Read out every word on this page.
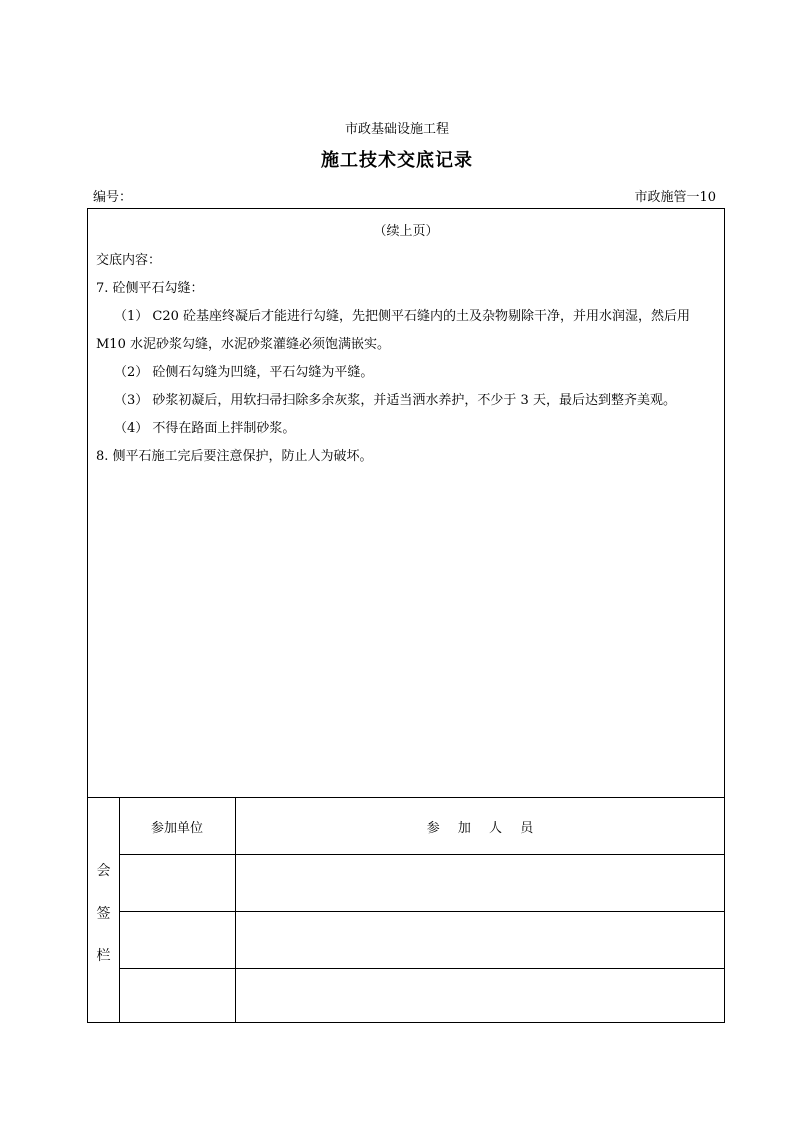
市政基础设施工程
施工技术交底记录
编号：	市政施管一10
（续上页）
交底内容：
7. 砼侧平石勾缝：
（1） C20 砼基座终凝后才能进行勾缝，先把侧平石缝内的土及杂物剔除干净，并用水润湿，然后用
M10 水泥砂浆勾缝，水泥砂浆灌缝必须饱满嵌实。
（2） 砼侧石勾缝为凹缝，平石勾缝为平缝。
（3） 砂浆初凝后，用软扫帚扫除多余灰浆，并适当洒水养护，不少于 3 天，最后达到整齐美观。
（4） 不得在路面上拌制砂浆。
8. 侧平石施工完后要注意保护，防止人为破坏。
会
签
栏
参加单位	参 加 人 员
